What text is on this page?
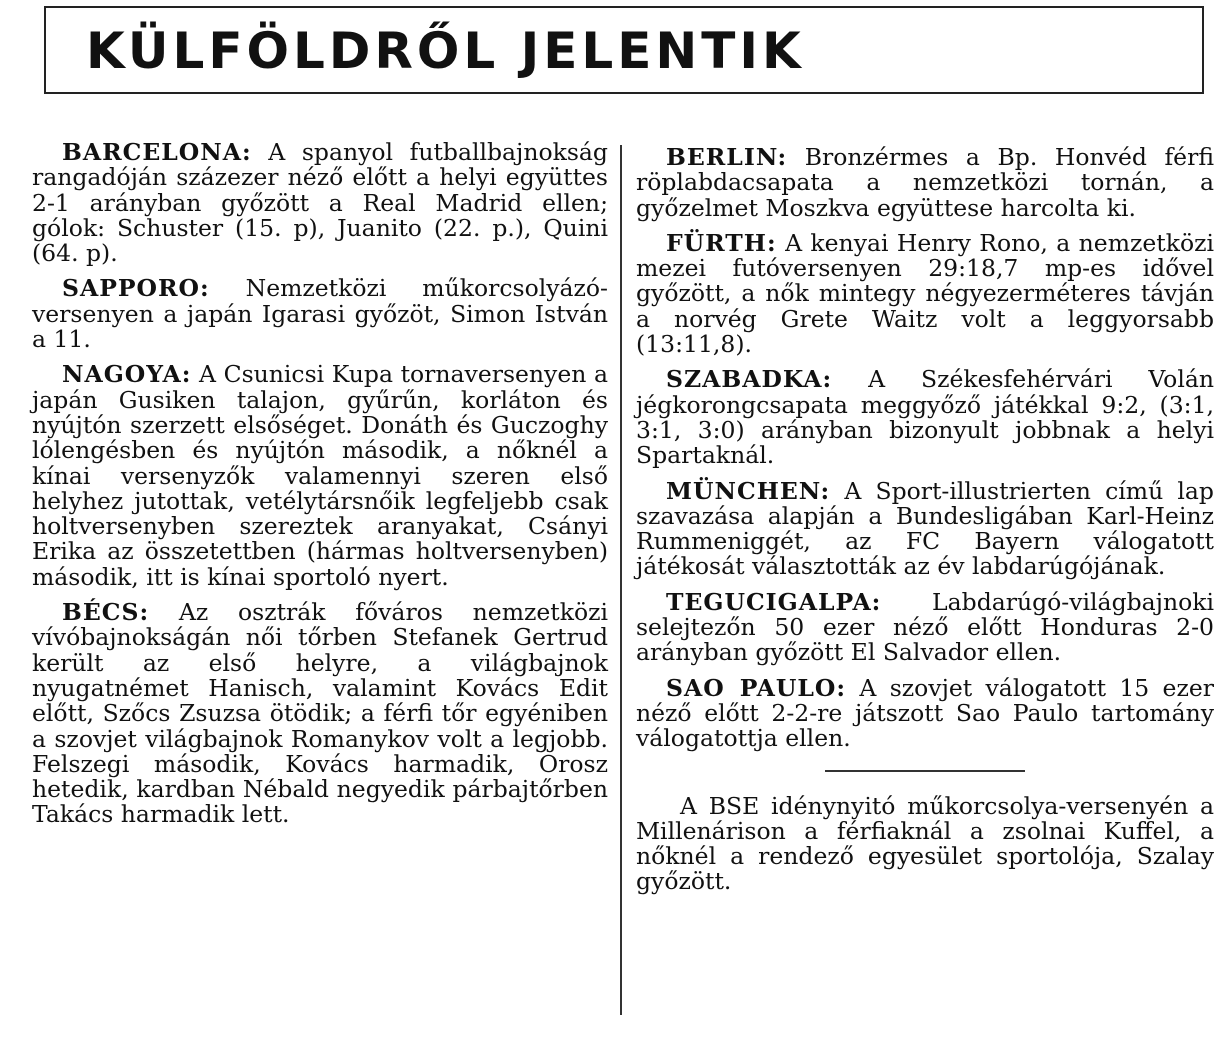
KÜLFÖLDRŐL JELENTIK

BARCELONA: A spanyol futballbajnokság rangadóján százezer néző előtt a helyi együttes 2-1 arányban győzött a Real Madrid ellen; gólok: Schuster (15. p), Juanito (22. p.), Quini (64. p).

SAPPORO: Nemzetközi műkorcsolyázó-versenyen a japán Igarasi győzöt, Simon István a 11.

NAGOYA: A Csunicsi Kupa tornaversenyen a japán Gusiken talajon, gyűrűn, korláton és nyújtón szerzett elsőséget. Donáth és Guczoghy lólengésben és nyújtón második, a nőknél a kínai versenyzők valamennyi szeren első helyhez jutottak, vetélytársnőik legfeljebb csak holtversenyben szereztek aranyakat, Csányi Erika az összetettben (hármas holtversenyben) második, itt is kínai sportoló nyert.

BÉCS: Az osztrák főváros nemzetközi vívóbajnokságán női tőrben Stefanek Gertrud került az első helyre, a világbajnok nyugatnémet Hanisch, valamint Kovács Edit előtt, Szőcs Zsuzsa ötödik; a férfi tőr egyéniben a szovjet világbajnok Romanykov volt a legjobb. Felszegi második, Kovács harmadik, Orosz hetedik, kardban Nébald negyedik párbajtőrben Takács harmadik lett.

BERLIN: Bronzérmes a Bp. Honvéd férfi röplabdacsapata a nemzetközi tornán, a győzelmet Moszkva együttese harcolta ki.

FÜRTH: A kenyai Henry Rono, a nemzetközi mezei futóversenyen 29:18,7 mp-es idővel győzött, a nők mintegy négyezerméteres távján a norvég Grete Waitz volt a leggyorsabb (13:11,8).

SZABADKA: A Székesfehérvári Volán jégkorongcsapata meggyőző játékkal 9:2, (3:1, 3:1, 3:0) arányban bizonyult jobbnak a helyi Spartaknál.

MÜNCHEN: A Sport-illustrierten című lap szavazása alapján a Bundesligában Karl-Heinz Rummeniggét, az FC Bayern válogatott játékosát választották az év labdarúgójának.

TEGUCIGALPA: Labdarúgó-világbajnoki selejtezőn 50 ezer néző előtt Honduras 2-0 arányban győzött El Salvador ellen.

SAO PAULO: A szovjet válogatott 15 ezer néző előtt 2-2-re játszott Sao Paulo tartomány válogatottja ellen.

A BSE idénynyitó műkorcsolya-versenyén a Millenárison a férfiaknál a zsolnai Kuffel, a nőknél a rendező egyesület sportolója, Szalay győzött.
